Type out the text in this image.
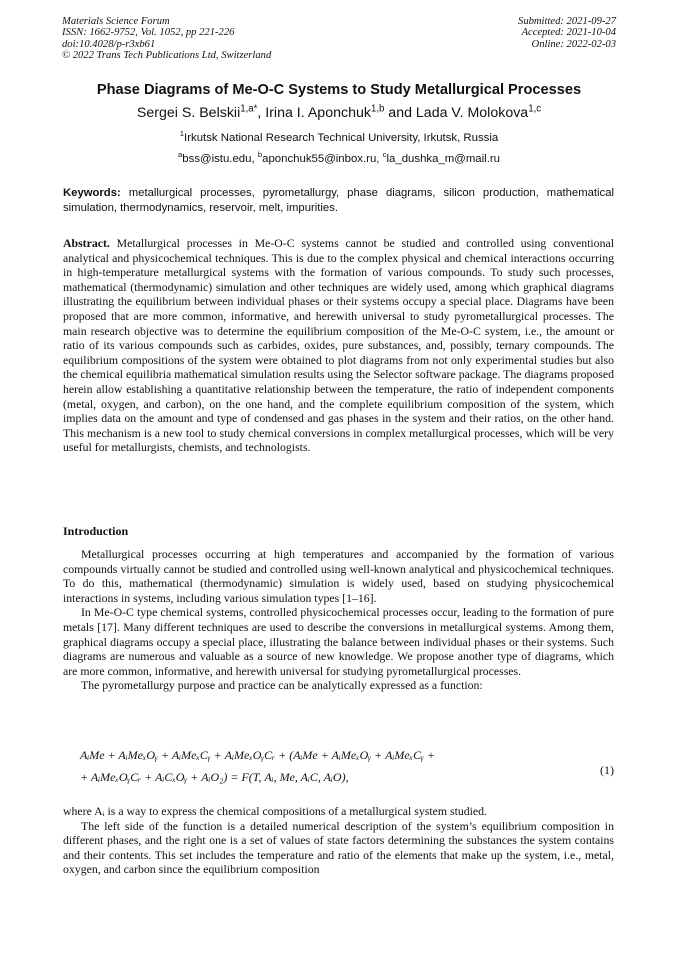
Materials Science Forum
ISSN: 1662-9752, Vol. 1052, pp 221-226
doi:10.4028/p-r3xb61
© 2022 Trans Tech Publications Ltd, Switzerland
Submitted: 2021-09-27
Accepted: 2021-10-04
Online: 2022-02-03
Phase Diagrams of Me-O-C Systems to Study Metallurgical Processes
Sergei S. Belskii$^{1,a*}$, Irina I. Aponchuk$^{1,b}$ and Lada V. Molokova$^{1,c}$
$^1$Irkutsk National Research Technical University, Irkutsk, Russia
$^a$bss@istu.edu, $^b$aponchuk55@inbox.ru, $^c$la_dushka_m@mail.ru
Keywords: metallurgical processes, pyrometallurgy, phase diagrams, silicon production, mathematical simulation, thermodynamics, reservoir, melt, impurities.
Abstract. Metallurgical processes in Me-O-C systems cannot be studied and controlled using conventional analytical and physicochemical techniques. This is due to the complex physical and chemical interactions occurring in high-temperature metallurgical systems with the formation of various compounds. To study such processes, mathematical (thermodynamic) simulation and other techniques are widely used, among which graphical diagrams illustrating the equilibrium between individual phases or their systems occupy a special place. Diagrams have been proposed that are more common, informative, and herewith universal to study pyrometallurgical processes. The main research objective was to determine the equilibrium composition of the Me-O-C system, i.e., the amount or ratio of its various compounds such as carbides, oxides, pure substances, and, possibly, ternary compounds. The equilibrium compositions of the system were obtained to plot diagrams from not only experimental studies but also the chemical equilibria mathematical simulation results using the Selector software package. The diagrams proposed herein allow establishing a quantitative relationship between the temperature, the ratio of independent components (metal, oxygen, and carbon), on the one hand, and the complete equilibrium composition of the system, which implies data on the amount and type of condensed and gas phases in the system and their ratios, on the other hand. This mechanism is a new tool to study chemical conversions in complex metallurgical processes, which will be very useful for metallurgists, chemists, and technologists.
Introduction

Metallurgical processes occurring at high temperatures and accompanied by the formation of various compounds virtually cannot be studied and controlled using well-known analytical and physicochemical techniques. To do this, mathematical (thermodynamic) simulation is widely used, based on studying physicochemical interactions in systems, including various simulation types [1–16].

In Me-O-C type chemical systems, controlled physicochemical processes occur, leading to the formation of pure metals [17]. Many different techniques are used to describe the conversions in metallurgical systems. Among them, graphical diagrams occupy a special place, illustrating the balance between individual phases or their systems. Such diagrams are numerous and valuable as a source of new knowledge. We propose another type of diagrams, which are more common, informative, and herewith universal for studying pyrometallurgical processes.

The pyrometallurgy purpose and practice can be analytically expressed as a function:

AᵢMe + AᵢMeₓOᵧ + AᵢMeₓCᵧ + AᵢMeₓOᵧCᵣ + (AᵢMe + AᵢMeₓOᵧ + AᵢMeₓCᵧ +
+ AᵢMeₓOᵧCᵣ + AᵢCₓOᵧ + AᵢO₂) = F(T, Aᵢ, Me, AᵢC, AᵢO),	(1)

where Aᵢ is a way to express the chemical compositions of a metallurgical system studied.

The left side of the function is a detailed numerical description of the system’s equilibrium composition in different phases, and the right one is a set of values of state factors determining the substances the system contains and their contents. This set includes the temperature and ratio of the elements that make up the system, i.e., metal, oxygen, and carbon since the equilibrium composition
